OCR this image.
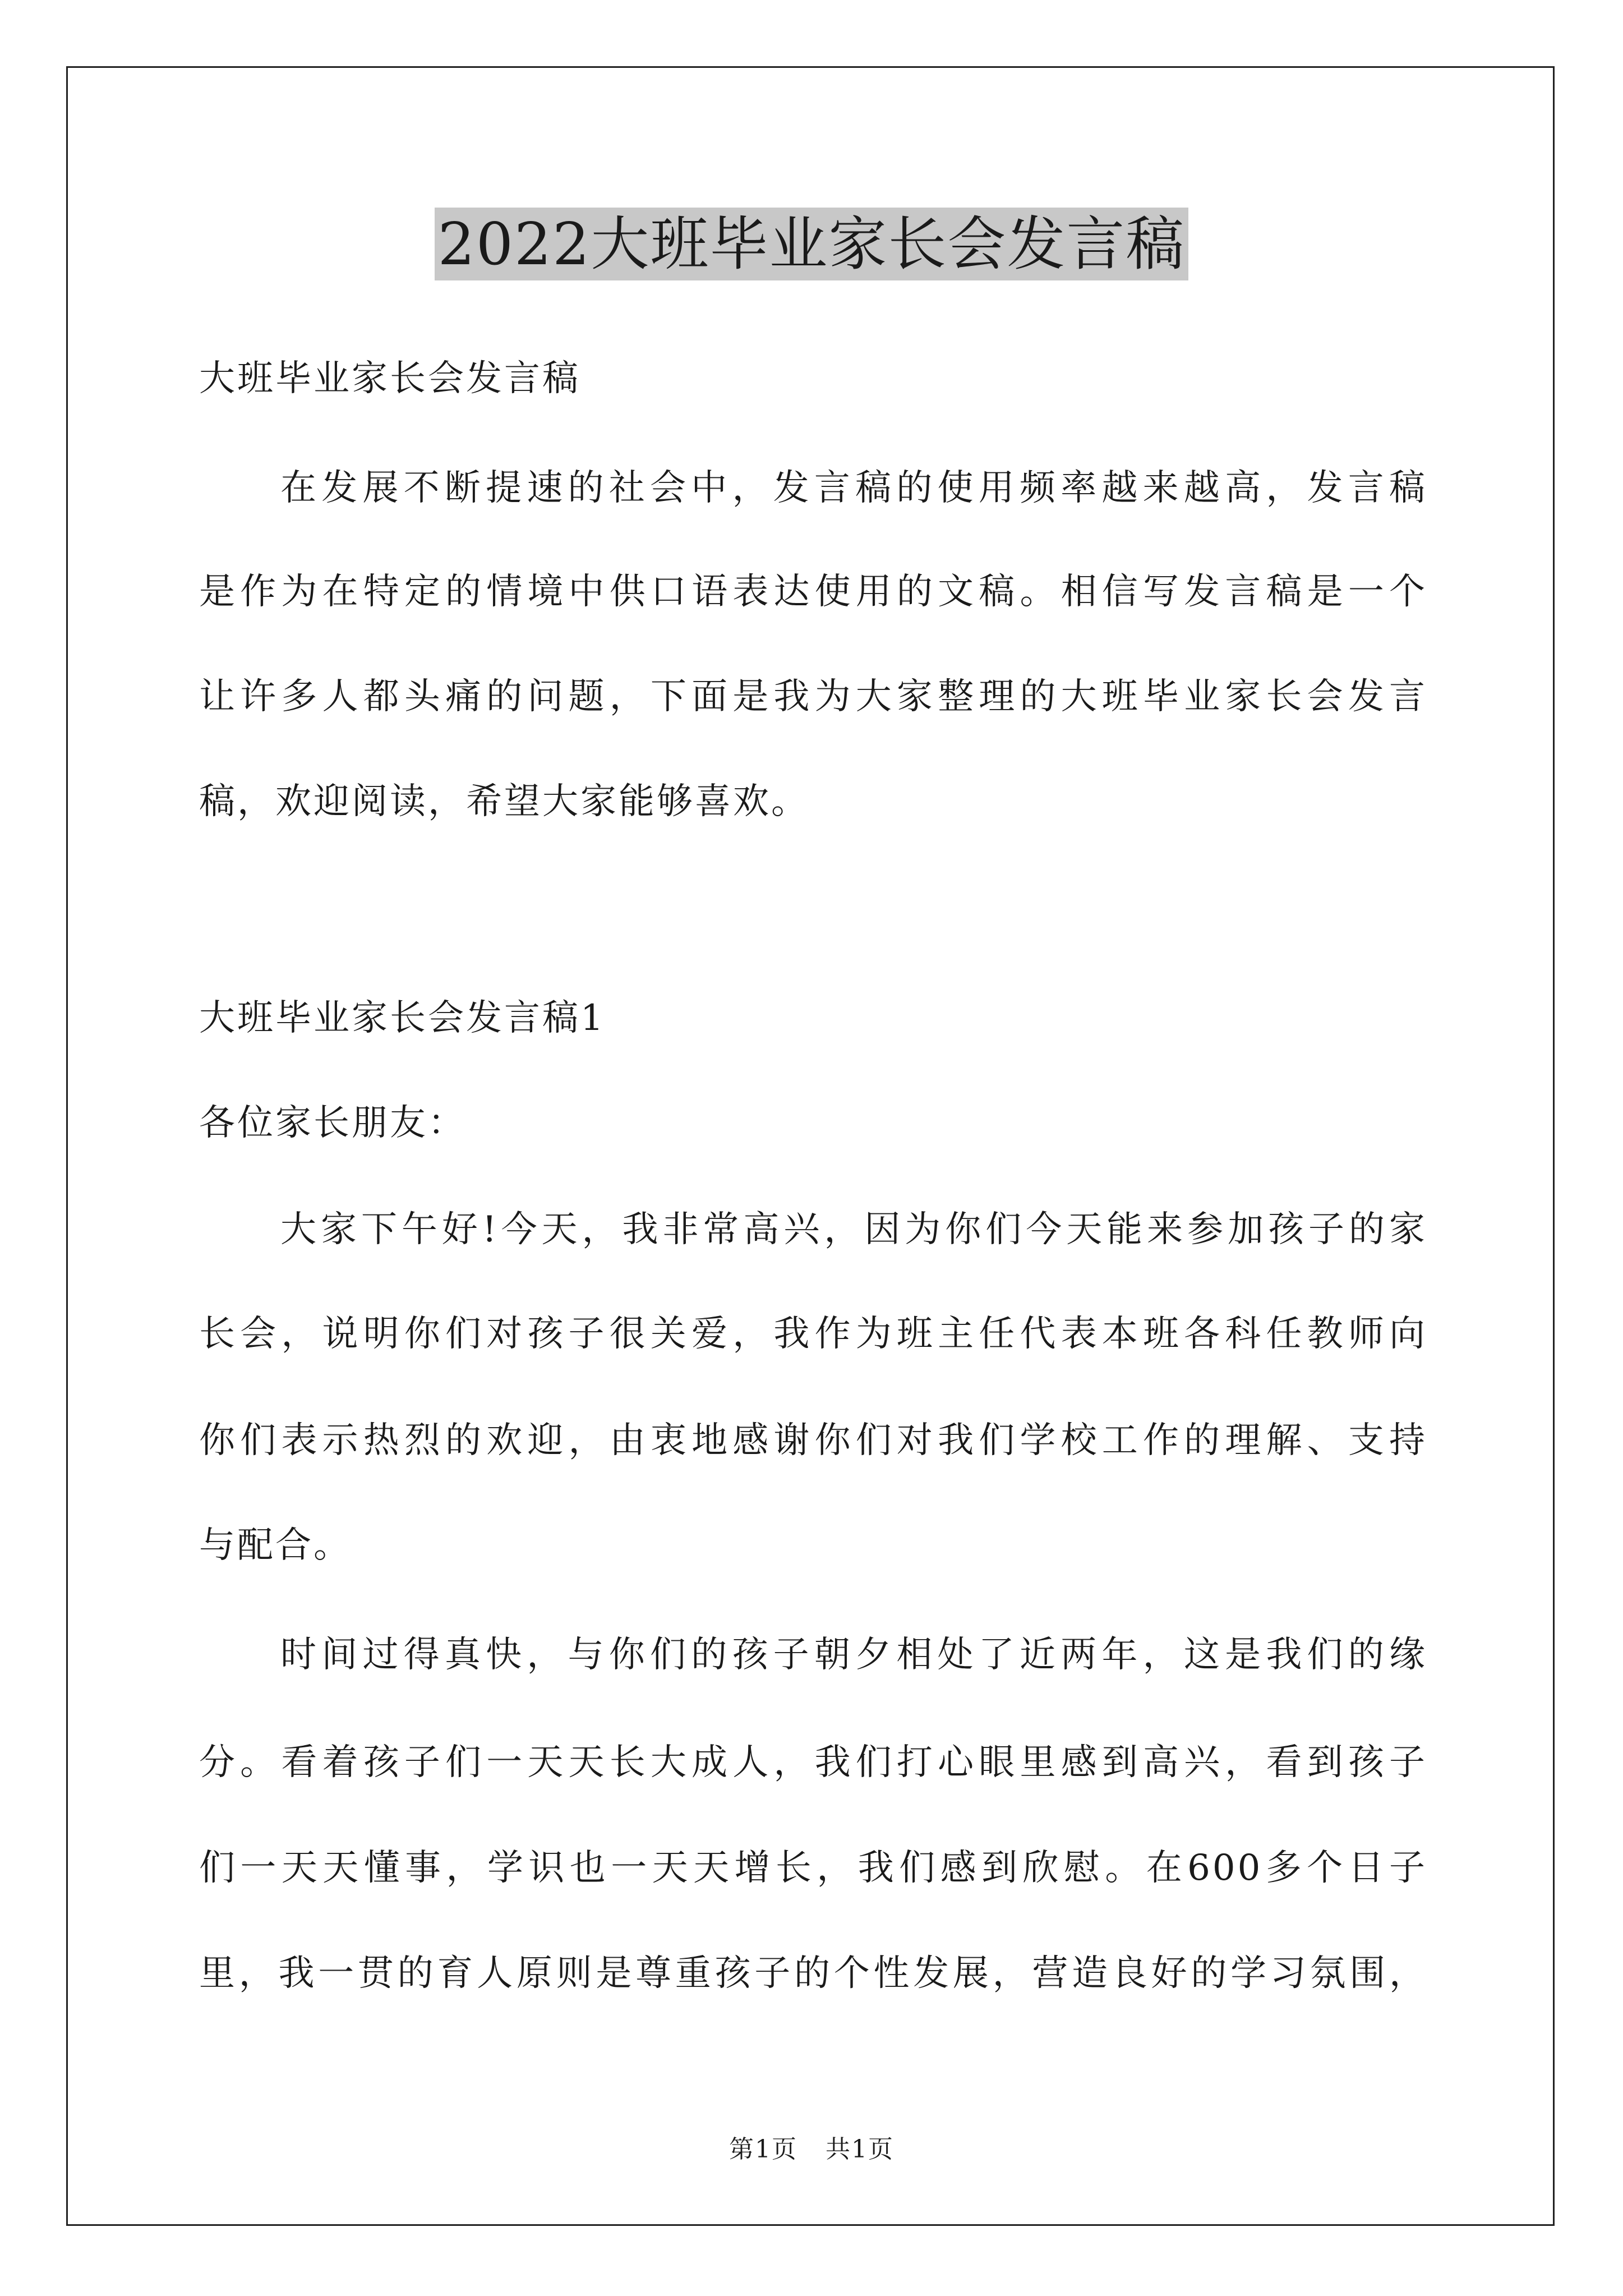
2022大班毕业家长会发言稿
大班毕业家长会发言稿
在发展不断提速的社会中，发言稿的使用频率越来越高，发言稿
是作为在特定的情境中供口语表达使用的文稿。相信写发言稿是一个
让许多人都头痛的问题，下面是我为大家整理的大班毕业家长会发言
稿，欢迎阅读，希望大家能够喜欢。
大班毕业家长会发言稿1
各位家长朋友：
大家下午好!今天，我非常高兴，因为你们今天能来参加孩子的家
长会，说明你们对孩子很关爱，我作为班主任代表本班各科任教师向
你们表示热烈的欢迎，由衷地感谢你们对我们学校工作的理解、支持
与配合。
时间过得真快，与你们的孩子朝夕相处了近两年，这是我们的缘
分。看着孩子们一天天长大成人，我们打心眼里感到高兴，看到孩子
们一天天懂事，学识也一天天增长，我们感到欣慰。在600多个日子
里，我一贯的育人原则是尊重孩子的个性发展，营造良好的学习氛围，
第1页 共1页
